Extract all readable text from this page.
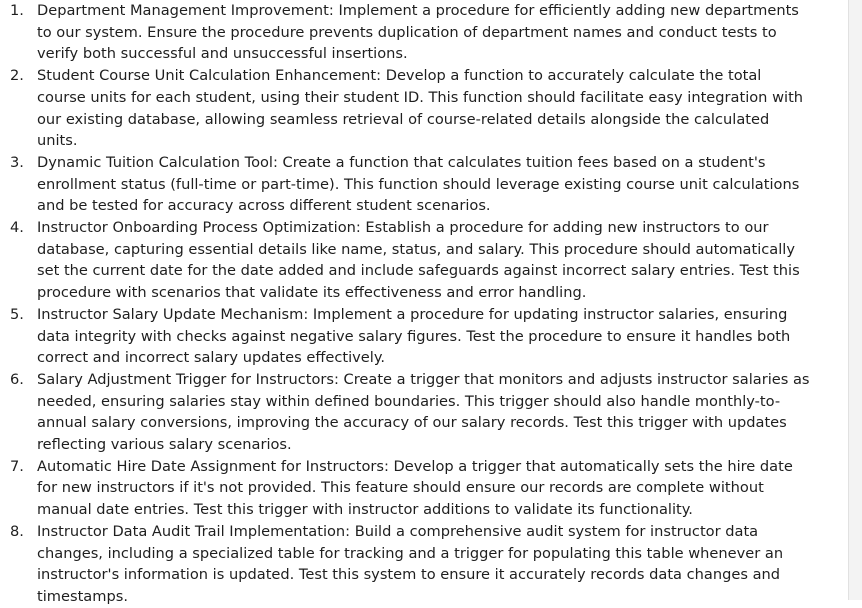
1. Department Management Improvement: Implement a procedure for efficiently adding new departments to our system. Ensure the procedure prevents duplication of department names and conduct tests to verify both successful and unsuccessful insertions.
2. Student Course Unit Calculation Enhancement: Develop a function to accurately calculate the total course units for each student, using their student ID. This function should facilitate easy integration with our existing database, allowing seamless retrieval of course-related details alongside the calculated units.
3. Dynamic Tuition Calculation Tool: Create a function that calculates tuition fees based on a student's enrollment status (full-time or part-time). This function should leverage existing course unit calculations and be tested for accuracy across different student scenarios.
4. Instructor Onboarding Process Optimization: Establish a procedure for adding new instructors to our database, capturing essential details like name, status, and salary. This procedure should automatically set the current date for the date added and include safeguards against incorrect salary entries. Test this procedure with scenarios that validate its effectiveness and error handling.
5. Instructor Salary Update Mechanism: Implement a procedure for updating instructor salaries, ensuring data integrity with checks against negative salary figures. Test the procedure to ensure it handles both correct and incorrect salary updates effectively.
6. Salary Adjustment Trigger for Instructors: Create a trigger that monitors and adjusts instructor salaries as needed, ensuring salaries stay within defined boundaries. This trigger should also handle monthly-to-annual salary conversions, improving the accuracy of our salary records. Test this trigger with updates reflecting various salary scenarios.
7. Automatic Hire Date Assignment for Instructors: Develop a trigger that automatically sets the hire date for new instructors if it's not provided. This feature should ensure our records are complete without manual date entries. Test this trigger with instructor additions to validate its functionality.
8. Instructor Data Audit Trail Implementation: Build a comprehensive audit system for instructor data changes, including a specialized table for tracking and a trigger for populating this table whenever an instructor's information is updated. Test this system to ensure it accurately records data changes and timestamps.
